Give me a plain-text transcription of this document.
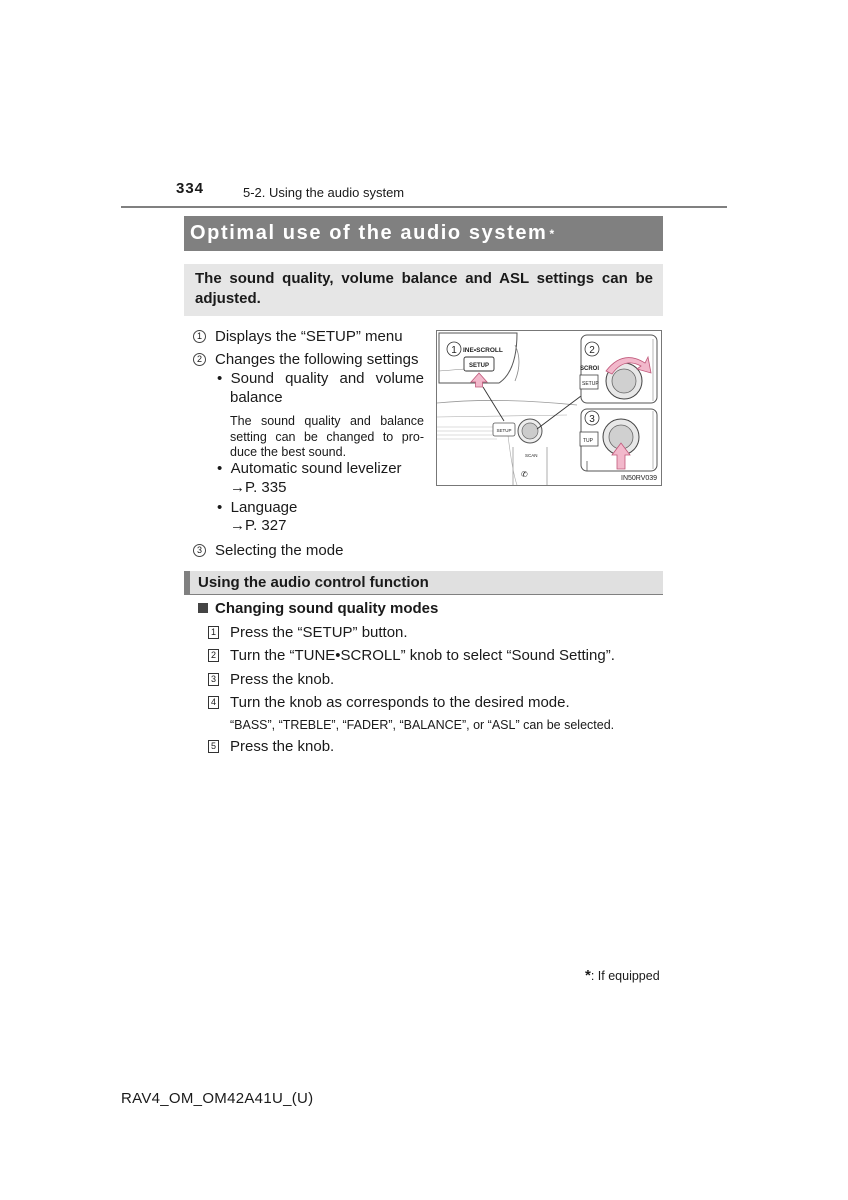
334	5-2. Using the audio system
Optimal use of the audio system *
The sound quality, volume balance and ASL settings can be adjusted.
1 Displays the “SETUP” menu
2 Changes the following settings
• Sound quality and volume
balance
The sound quality and balance setting can be changed to pro-duce the best sound.
• Automatic sound levelizer
→P. 335
• Language
→P. 327
3 Selecting the mode
SETUP
SCAN
✆
SETUP
INE•SCROLL
1	2
SCROI
SETUP
3
TUP
IN50RV039
Using the audio control function
Changing sound quality modes
1 Press the “SETUP” button.
2 Turn the “TUNE•SCROLL” knob to select “Sound Setting”.
3 Press the knob.
4 Turn the knob as corresponds to the desired mode.
“BASS”, “TREBLE”, “FADER”, “BALANCE”, or “ASL” can be selected.
5 Press the knob.
*: If equipped
RAV4_OM_OM42A41U_(U)
